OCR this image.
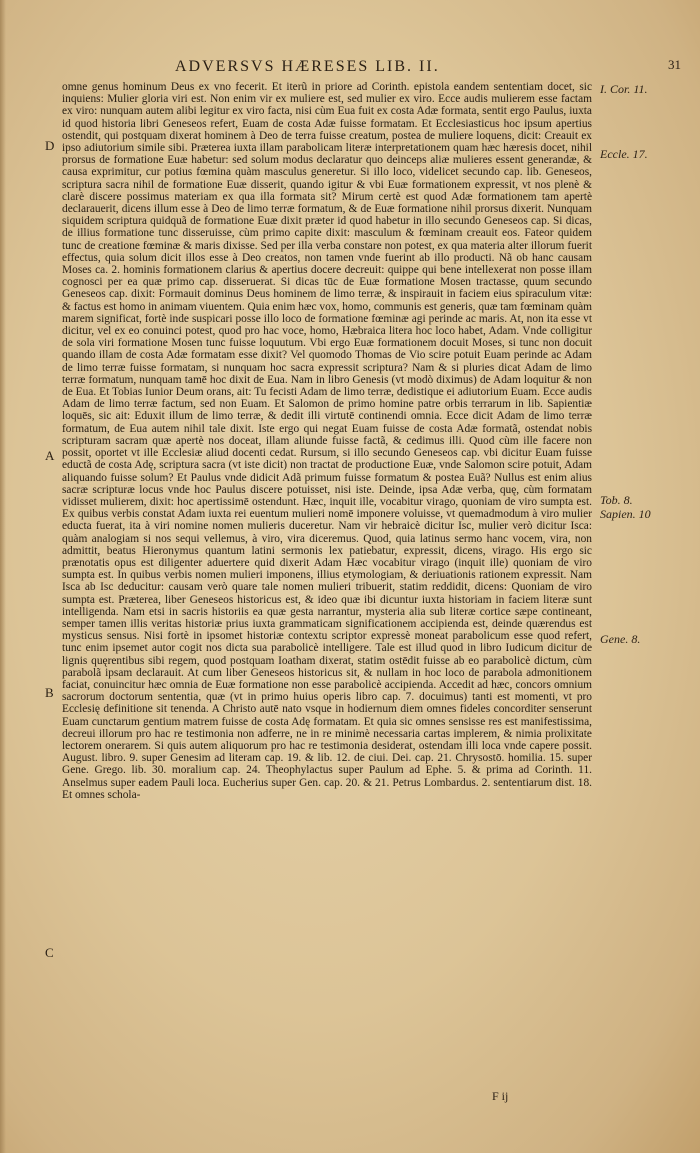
ADVERSVS HÆRESES LIB. II.	31

omne genus hominum Deus ex vno fecerit. Et iterũ in priore ad Corinth. epistola eandem sententiam docet, sic inquiens: Mulier gloria viri est. Non enim vir ex muliere est, sed mulier ex viro. Ecce audis mulierem esse factam ex viro: nunquam autem alibi legitur ex viro facta, nisi cùm Eua fuit ex costa Adæ formata, sentit ergo Paulus, iuxta id quod historia libri Geneseos refert, Euam de costa Adæ fuisse formatam. Et Ecclesiasticus hoc ipsum apertius ostendit, qui postquam dixerat hominem à Deo de terra fuisse creatum, postea de muliere loquens, dicit: Creauit ex ipso adiutorium simile sibi. Præterea iuxta illam parabolicam literæ interpretationem quam hæc hæresis docet, nihil prorsus de formatione Euæ habetur: sed solum modus declaratur quo deinceps aliæ mulieres essent generandæ, & causa exprimitur, cur potius fœmina quàm masculus generetur. Si illo loco, videlicet secundo cap. lib. Geneseos, scriptura sacra nihil de formatione Euæ disserit, quando igitur & vbi Euæ formationem expressit, vt nos plenè & clarè discere possimus materiam ex qua illa formata sit? Mirum certè est quod Adæ formationem tam apertè declarauerit, dicens illum esse à Deo de limo terræ formatum, & de Euæ formatione nihil prorsus dixerit. Nunquam siquidem scriptura quidquã de formatione Euæ dixit præter id quod habetur in illo secundo Geneseos cap. Si dicas, de illius formatione tunc disseruisse, cùm primo capite dixit: masculum & fœminam creauit eos. Fateor quidem tunc de creatione fœminæ & maris dixisse. Sed per illa verba constare non potest, ex qua materia alter illorum fuerit effectus, quia solum dicit illos esse à Deo creatos, non tamen vnde fuerint ab illo producti. Nã ob hanc causam Moses ca. 2. hominis formationem clarius & apertius docere decreuit: quippe qui bene intellexerat non posse illam cognosci per ea quæ primo cap. disseruerat. Si dicas tūc de Euæ formatione Mosen tractasse, quum secundo Geneseos cap. dixit: Formauit dominus Deus hominem de limo terræ, & inspirauit in faciem eius spiraculum vitæ: & factus est homo in animam viuentem. Quia enim hæc vox, homo, communis est generis, quæ tam fœminam quàm marem significat, fortè inde suspicari posse illo loco de formatione fœminæ agi perinde ac maris. At, non ita esse vt dicitur, vel ex eo conuinci potest, quod pro hac voce, homo, Hæbraica litera hoc loco habet, Adam. Vnde colligitur de sola viri formatione Mosen tunc fuisse loquutum. Vbi ergo Euæ formationem docuit Moses, si tunc non docuit quando illam de costa Adæ formatam esse dixit? Vel quomodo Thomas de Vio scire potuit Euam perinde ac Adam de limo terræ fuisse formatam, si nunquam hoc sacra expressit scriptura? Nam & si pluries dicat Adam de limo terræ formatum, nunquam tamē hoc dixit de Eua. Nam in libro Genesis (vt modò diximus) de Adam loquitur & non de Eua. Et Tobias Iunior Deum orans, ait: Tu fecisti Adam de limo terræ, dedistique ei adiutorium Euam. Ecce audis Adam de limo terræ factum, sed non Euam. Et Salomon de primo homine patre orbis terrarum in lib. Sapientiæ loquēs, sic ait: Eduxit illum de limo terræ, & dedit illi virtutē continendi omnia. Ecce dicit Adam de limo terræ formatum, de Eua autem nihil tale dixit. Iste ergo qui negat Euam fuisse de costa Adæ formatã, ostendat nobis scripturam sacram quæ apertè nos doceat, illam aliunde fuisse factã, & cedimus illi. Quod cùm ille facere non possit, oportet vt ille Ecclesiæ aliud docenti cedat. Rursum, si illo secundo Geneseos cap. vbi dicitur Euam fuisse eductã de costa Adę, scriptura sacra (vt iste dicit) non tractat de productione Euæ, vnde Salomon scire potuit, Adam aliquando fuisse solum? Et Paulus vnde didicit Adã primum fuisse formatum & postea Euã? Nullus est enim alius sacræ scripturæ locus vnde hoc Paulus discere potuisset, nisi iste. Deinde, ipsa Adæ verba, quę, cùm formatam vidisset mulierem, dixit: hoc apertissimē ostendunt. Hæc, inquit ille, vocabitur virago, quoniam de viro sumpta est. Ex quibus verbis constat Adam iuxta rei euentum mulieri nomē imponere voluisse, vt quemadmodum à viro mulier educta fuerat, ita à viri nomine nomen mulieris duceretur. Nam vir hebraicè dicitur Isc, mulier verò dicitur Isca: quàm analogiam si nos sequi vellemus, à viro, vira diceremus. Quod, quia latinus sermo hanc vocem, vira, non admittit, beatus Hieronymus quantum latini sermonis lex patiebatur, expressit, dicens, virago. His ergo sic prænotatis opus est diligenter aduertere quid dixerit Adam Hæc vocabitur virago (inquit ille) quoniam de viro sumpta est. In quibus verbis nomen mulieri imponens, illius etymologiam, & deriuationis rationem expressit. Nam Isca ab Isc deducitur: causam verò quare tale nomen mulieri tribuerit, statim reddidit, dicens: Quoniam de viro sumpta est. Præterea, liber Geneseos historicus est, & ideo quæ ibi dicuntur iuxta historiam in faciem literæ sunt intelligenda. Nam etsi in sacris historiis ea quæ gesta narrantur, mysteria alia sub literæ cortice sæpe contineant, semper tamen illis veritas historiæ prius iuxta grammaticam significationem accipienda est, deinde quærendus est mysticus sensus. Nisi fortè in ipsomet historiæ contextu scriptor expressè moneat parabolicum esse quod refert, tunc enim ipsemet autor cogit nos dicta sua parabolicè intelligere. Tale est illud quod in libro Iudicum dicitur de lignis quęrentibus sibi regem, quod postquam Ioatham dixerat, statim ostēdit fuisse ab eo parabolicè dictum, cùm parabolã ipsam declarauit. At cum liber Geneseos historicus sit, & nullam in hoc loco de parabola admonitionem faciat, conuincitur hæc omnia de Euæ formatione non esse parabolicè accipienda. Accedit ad hæc, concors omnium sacrorum doctorum sententia, quæ (vt in primo huius operis libro cap. 7. docuimus) tanti est momenti, vt pro Ecclesię definitione sit tenenda. A Christo autē nato vsque in hodiernum diem omnes fideles concorditer senserunt Euam cunctarum gentium matrem fuisse de costa Adę formatam. Et quia sic omnes sensisse res est manifestissima, decreui illorum pro hac re testimonia non adferre, ne in re minimè necessaria cartas implerem, & nimia prolixitate lectorem onerarem. Si quis autem aliquorum pro hac re testimonia desiderat, ostendam illi loca vnde capere possit. August. libro. 9. super Genesim ad literam cap. 19. & lib. 12. de ciui. Dei. cap. 21. Chrysostō. homilia. 15. super Gene. Grego. lib. 30. moralium cap. 24. Theophylactus super Paulum ad Ephe. 5. & prima ad Corinth. 11. Anselmus super eadem Pauli loca. Eucherius super Gen. cap. 20. & 21. Petrus Lombardus. 2. sententiarum dist. 18. Et omnes schola-

D
A
B
C
I. Cor. 11.
Eccle. 17.
Tob. 8.
Sapien. 10
Gene. 8.
F ij
